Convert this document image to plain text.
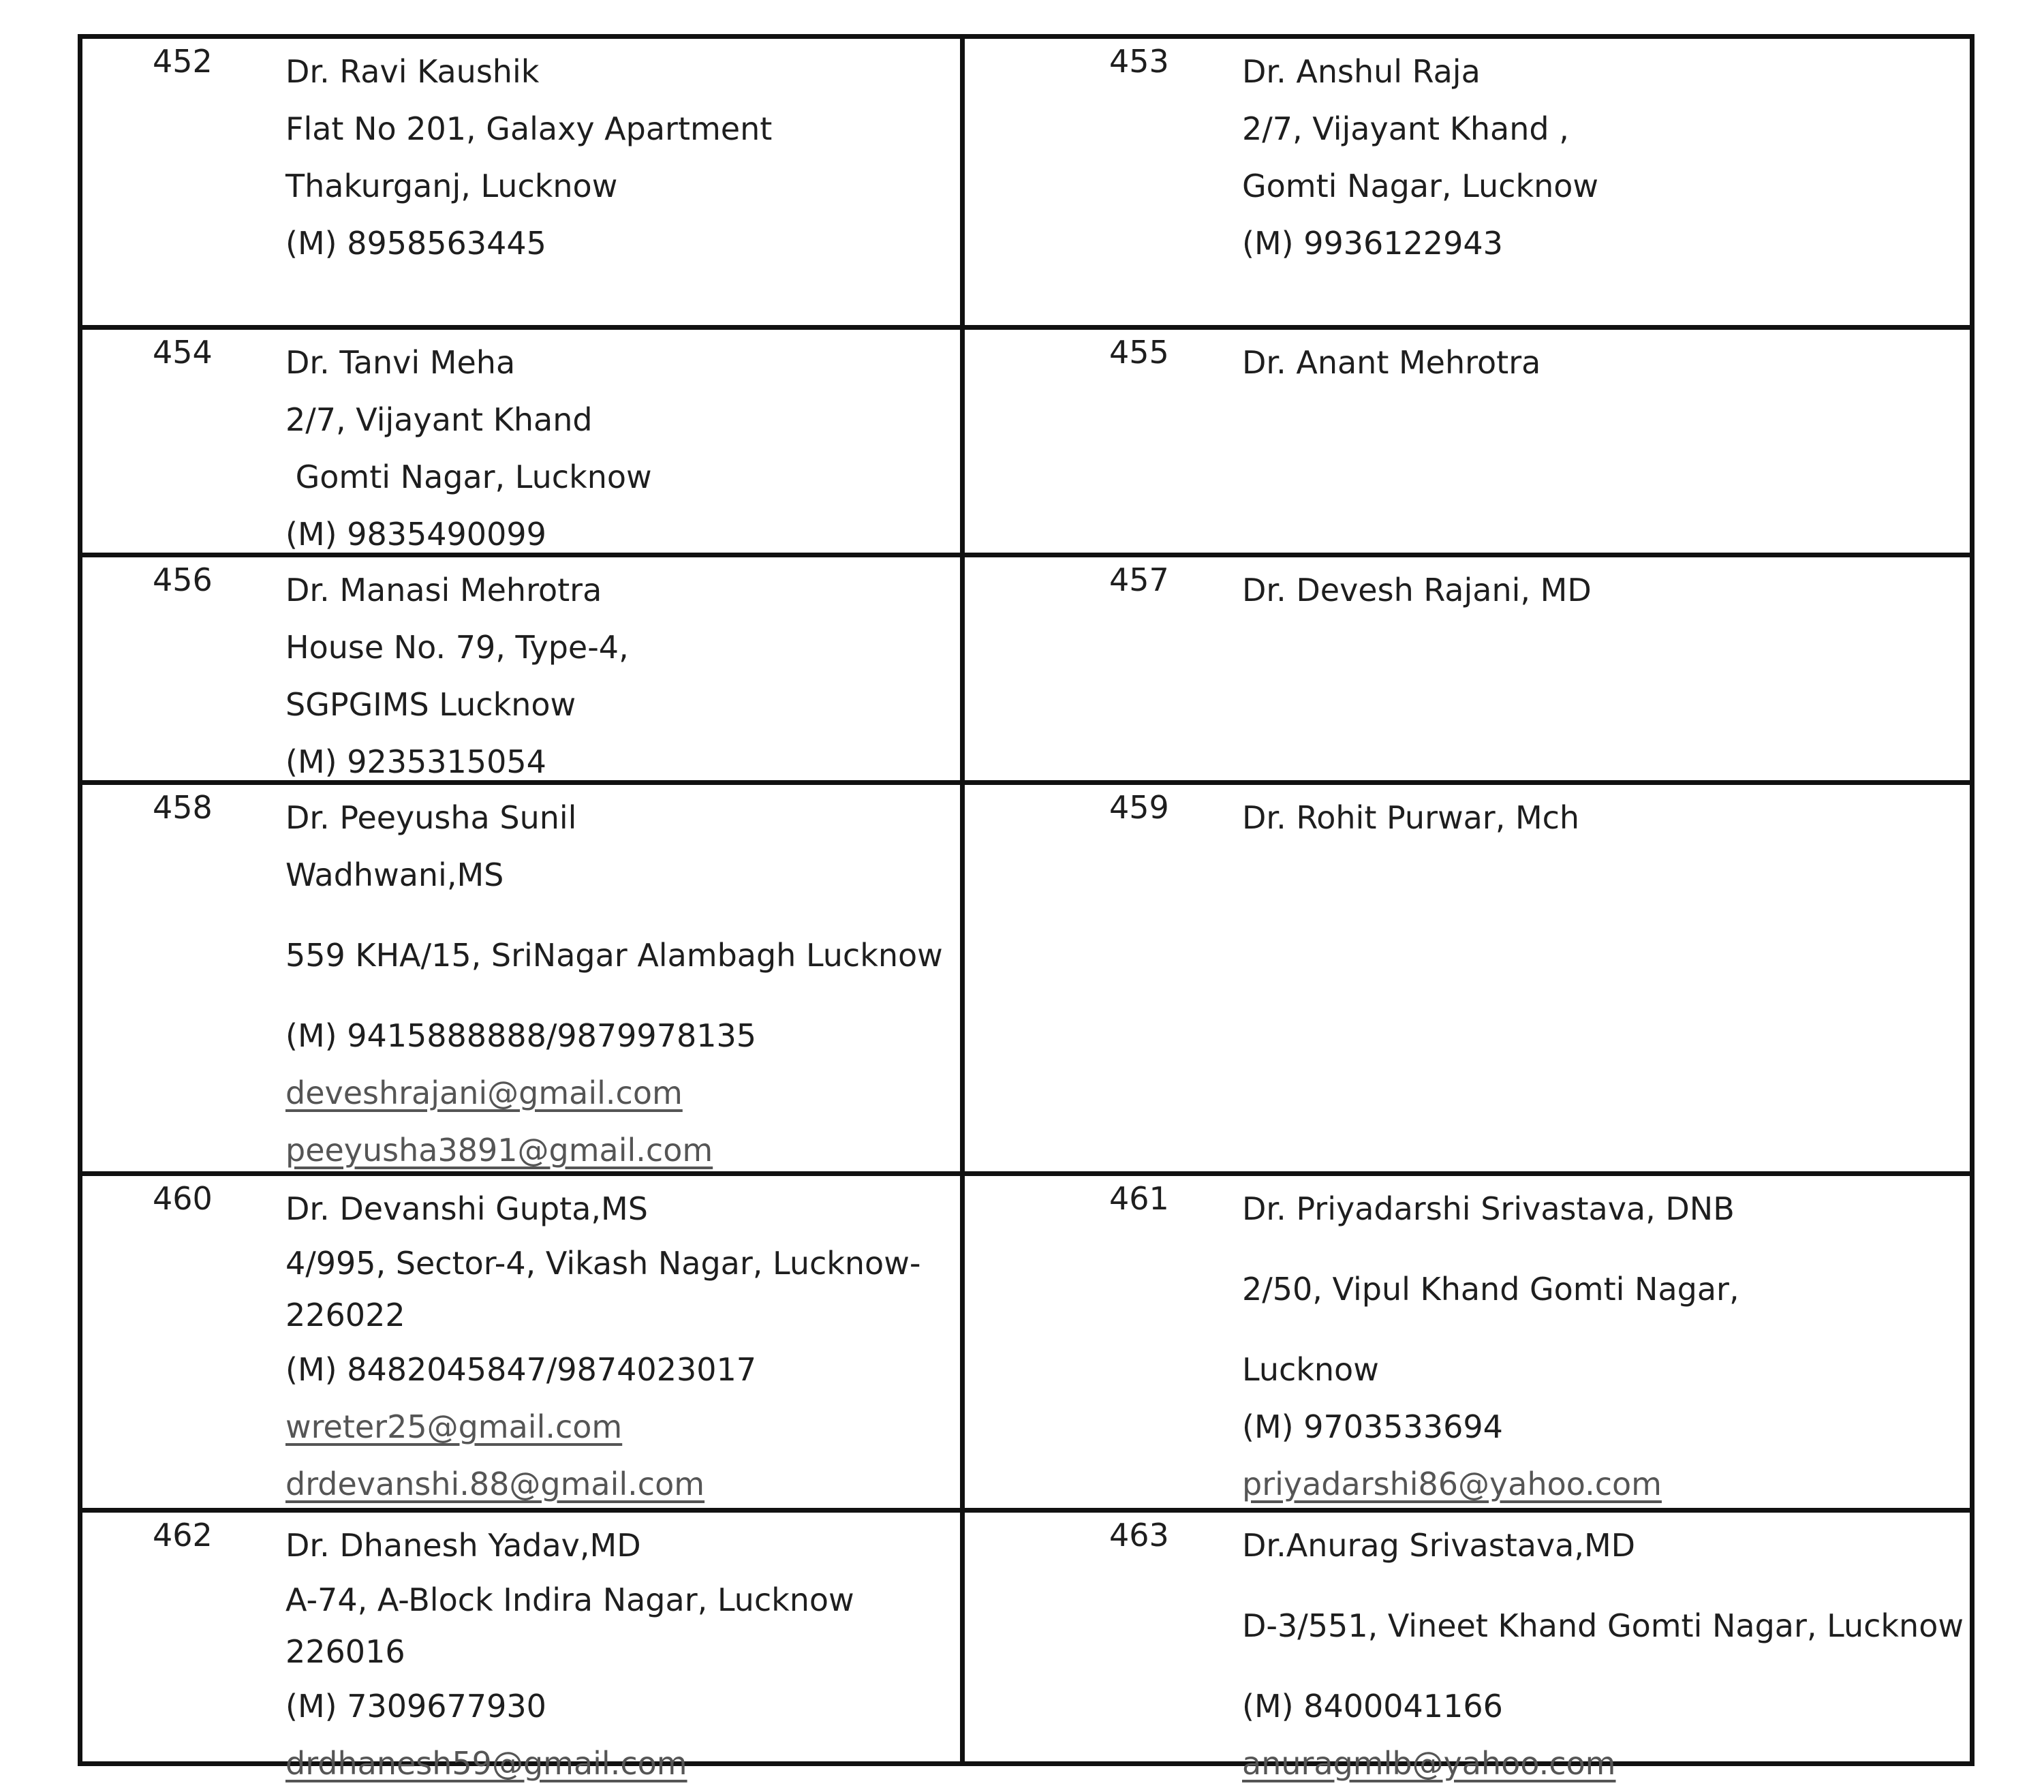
452 Dr. Ravi Kaushik
Flat No 201, Galaxy Apartment
Thakurganj, Lucknow
(M) 8958563445
453 Dr. Anshul Raja
2/7, Vijayant Khand ,
Gomti Nagar, Lucknow
(M) 9936122943
454 Dr. Tanvi Meha
2/7, Vijayant Khand
Gomti Nagar, Lucknow
(M) 9835490099
455 Dr. Anant Mehrotra
456 Dr. Manasi Mehrotra
House No. 79, Type-4,
SGPGIMS Lucknow
(M) 9235315054
457 Dr. Devesh Rajani, MD
458 Dr. Peeyusha Sunil
Wadhwani,MS
559 KHA/15, SriNagar Alambagh Lucknow
(M) 9415888888/9879978135
deveshrajani@gmail.com
peeyusha3891@gmail.com
459 Dr. Rohit Purwar, Mch
460 Dr. Devanshi Gupta,MS
4/995, Sector-4, Vikash Nagar, Lucknow-226022
(M) 8482045847/9874023017
wreter25@gmail.com
drdevanshi.88@gmail.com
461 Dr. Priyadarshi Srivastava, DNB
2/50, Vipul Khand Gomti Nagar,
Lucknow
(M) 9703533694
priyadarshi86@yahoo.com
462 Dr. Dhanesh Yadav,MD
A-74, A-Block Indira Nagar, Lucknow 226016
(M) 7309677930
drdhanesh59@gmail.com
463 Dr.Anurag Srivastava,MD
D-3/551, Vineet Khand Gomti Nagar, Lucknow
(M) 8400041166
anuragmlb@yahoo.com
